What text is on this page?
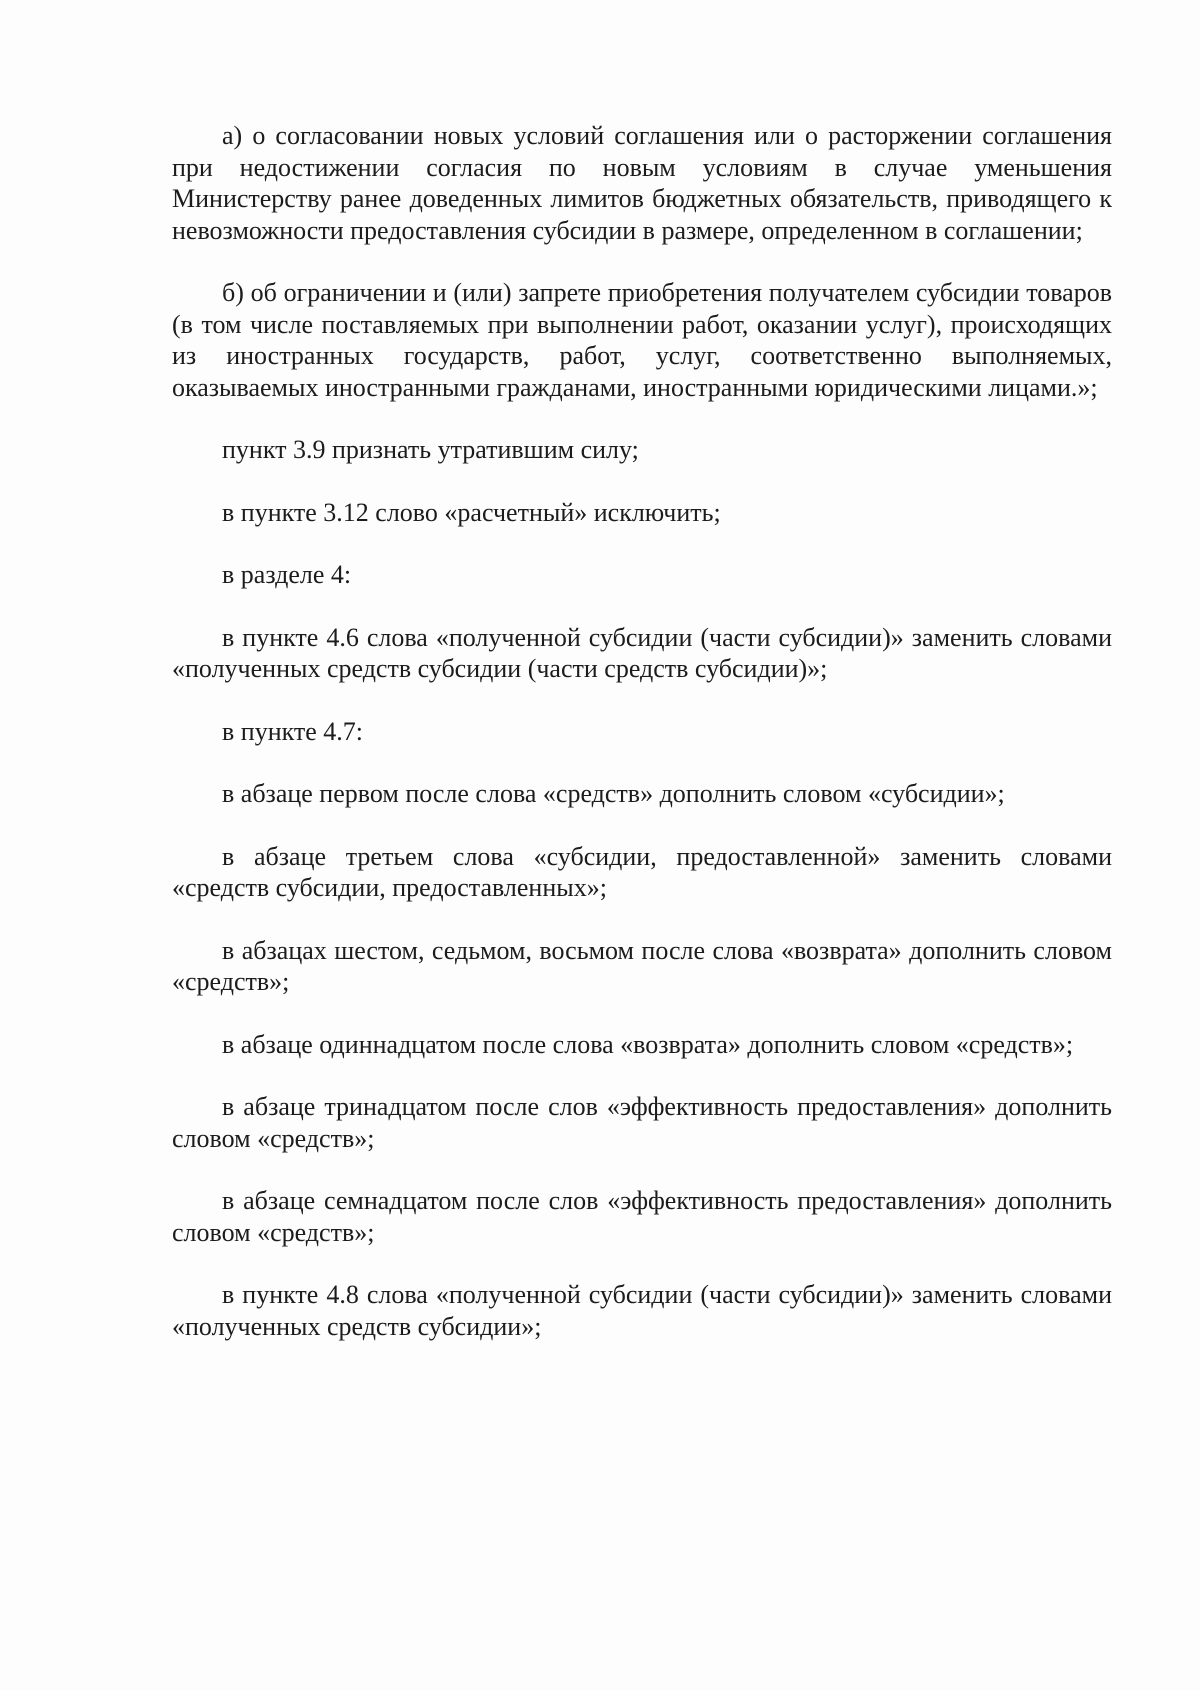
а) о согласовании новых условий соглашения или о расторжении соглашения при недостижении согласия по новым условиям в случае уменьшения Министерству ранее доведенных лимитов бюджетных обязательств, приводящего к невозможности предоставления субсидии в размере, определенном в соглашении;

б) об ограничении и (или) запрете приобретения получателем субсидии товаров (в том числе поставляемых при выполнении работ, оказании услуг), происходящих из иностранных государств, работ, услуг, соответственно выполняемых, оказываемых иностранными гражданами, иностранными юридическими лицами.»;

пункт 3.9 признать утратившим силу;

в пункте 3.12 слово «расчетный» исключить;

в разделе 4:

в пункте 4.6 слова «полученной субсидии (части субсидии)» заменить словами «полученных средств субсидии (части средств субсидии)»;

в пункте 4.7:

в абзаце первом после слова «средств» дополнить словом «субсидии»;

в абзаце третьем слова «субсидии, предоставленной» заменить словами «средств субсидии, предоставленных»;

в абзацах шестом, седьмом, восьмом после слова «возврата» дополнить словом «средств»;

в абзаце одиннадцатом после слова «возврата» дополнить словом «средств»;

в абзаце тринадцатом после слов «эффективность предоставления» дополнить словом «средств»;

в абзаце семнадцатом после слов «эффективность предоставления» дополнить словом «средств»;

в пункте 4.8 слова «полученной субсидии (части субсидии)» заменить словами «полученных средств субсидии»;
